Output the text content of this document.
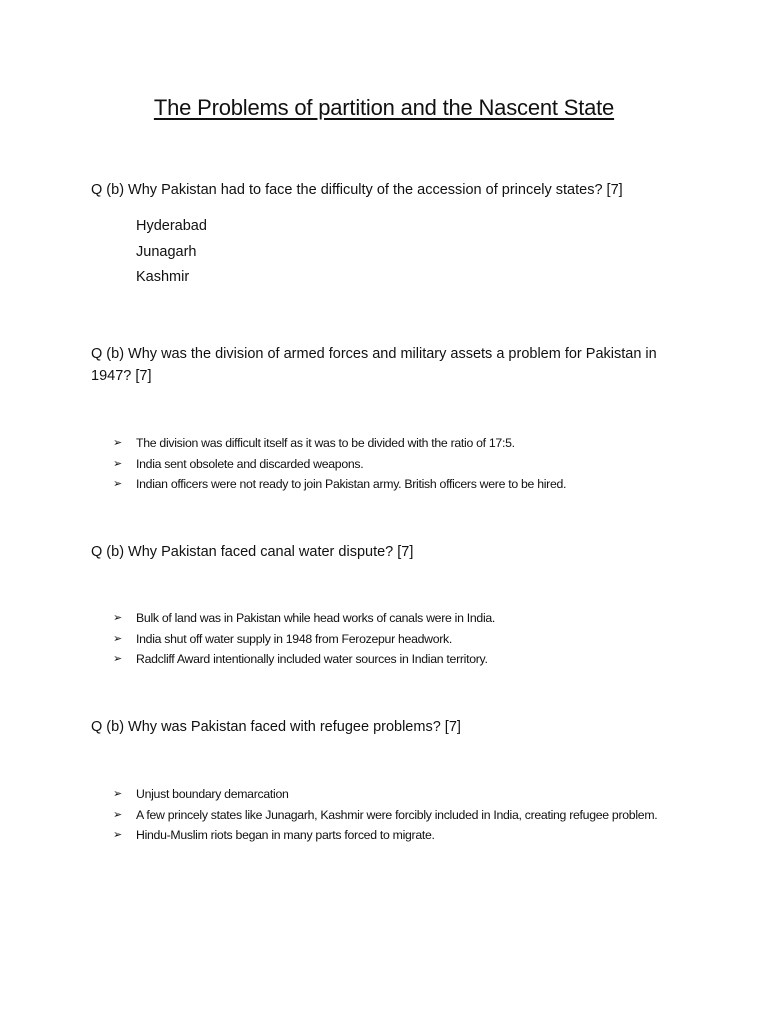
The Problems of partition and the Nascent State
Q (b) Why Pakistan had to face the difficulty of the accession of princely states? [7]
Hyderabad
Junagarh
Kashmir
Q (b) Why was the division of armed forces and military assets a problem for Pakistan in 1947? [7]
➢	The division was difficult itself as it was to be divided with the ratio of 17:5.
➢	India sent obsolete and discarded weapons.
➢	Indian officers were not ready to join Pakistan army. British officers were to be hired.
Q (b) Why Pakistan faced canal water dispute? [7]
➢	Bulk of land was in Pakistan while head works of canals were in India.
➢	India shut off water supply in 1948 from Ferozepur headwork.
➢	Radcliff Award intentionally included water sources in Indian territory.
Q (b) Why was Pakistan faced with refugee problems? [7]
➢	Unjust boundary demarcation
➢	A few princely states like Junagarh, Kashmir were forcibly included in India, creating refugee problem.
➢	Hindu-Muslim riots began in many parts forced to migrate.
